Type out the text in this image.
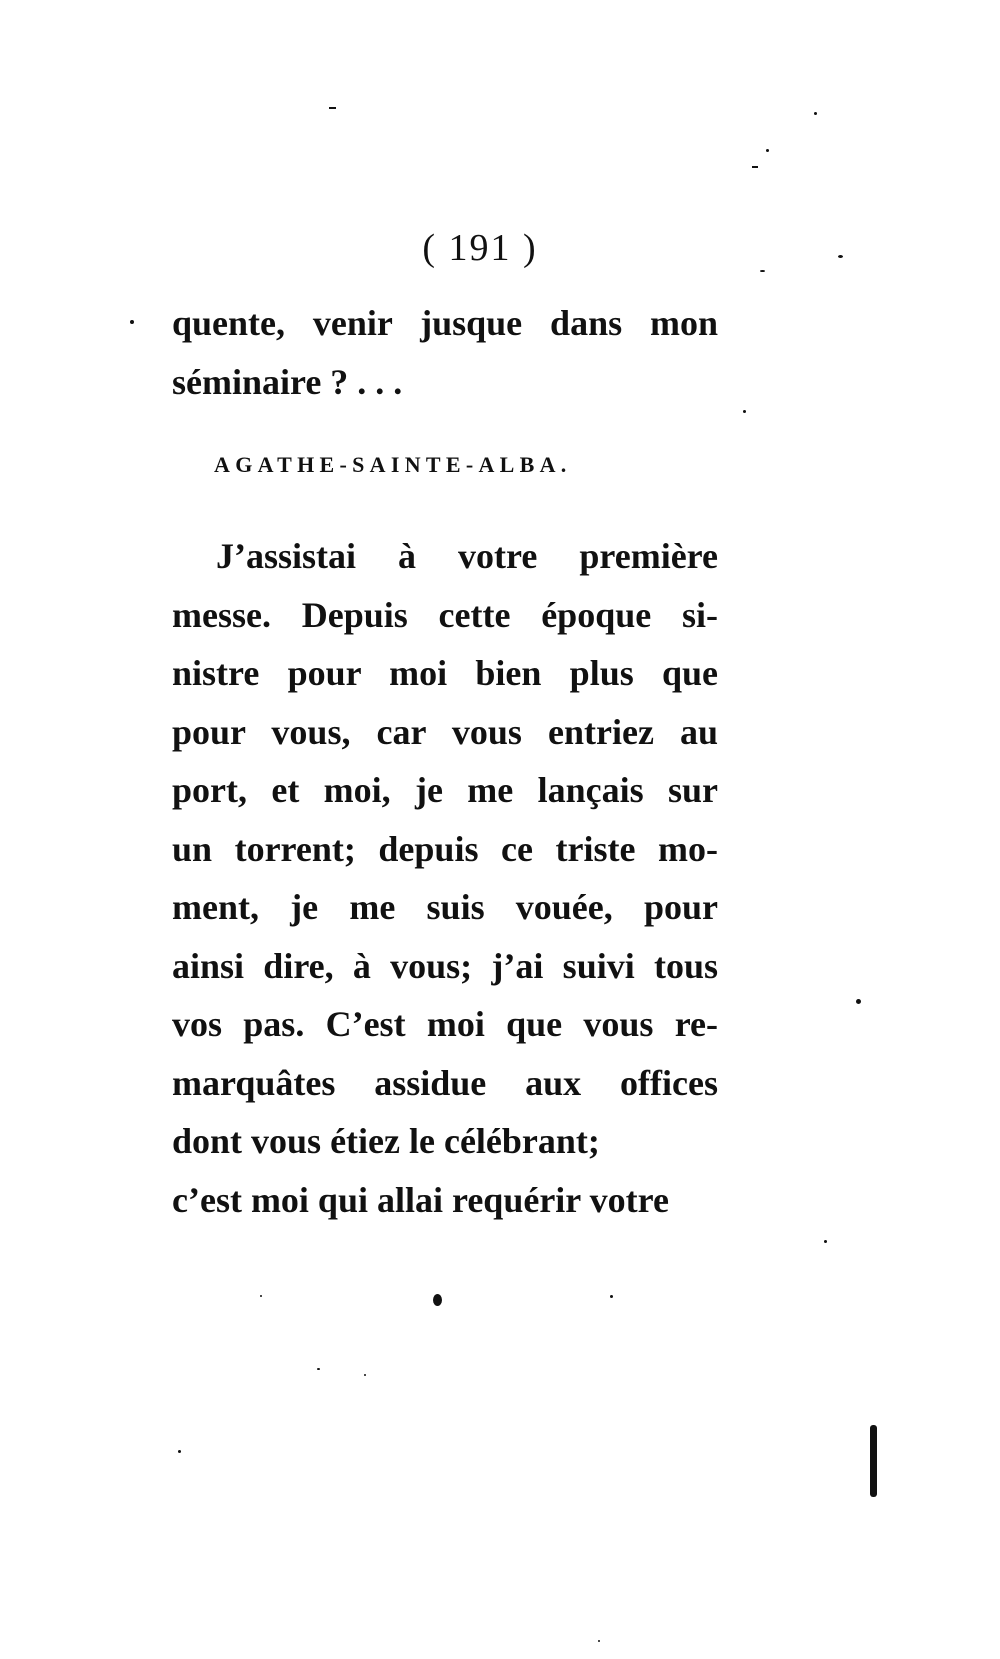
( 191 )
quente, venir jusque dans mon
séminaire ? . . .
AGATHE-SAINTE-ALBA.
J’assistai à votre première
messe. Depuis cette époque si-
nistre pour moi bien plus que
pour vous, car vous entriez au
port, et moi, je me lançais sur
un torrent; depuis ce triste mo-
ment, je me suis vouée, pour
ainsi dire, à vous; j’ai suivi tous
vos pas. C’est moi que vous re-
marquâtes assidue aux offices
dont vous étiez le célébrant;
c’est moi qui allai requérir votre
